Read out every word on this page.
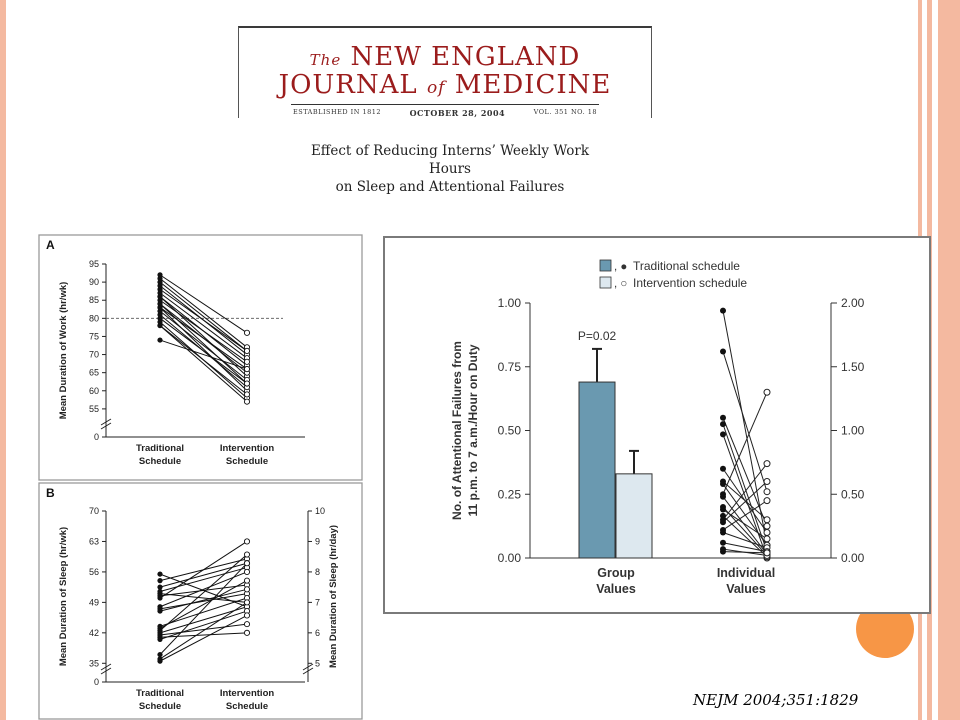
The NEW ENGLAND
JOURNAL of MEDICINE
ESTABLISHED IN 1812	OCTOBER 28, 2004	VOL. 351 NO. 18
Effect of Reducing Interns’ Weekly Work Hours
on Sleep and Attentional Failures
A
0
55
60
65
70
75
80
85
90
95
Mean Duration of Work (hr/wk)
Traditional
Schedule
Intervention
Schedule
B
0
35
42
49
56
63
70
5
6
7
8
9
10
Mean Duration of Sleep (hr/day)
Mean Duration of Sleep (hr/wk)
Traditional
Schedule
Intervention
Schedule
0.00
0.25
0.50
0.75
1.00
0.00
0.50
1.00
1.50
2.00
No. of Attentional Failures from 11 p.m. to 7 a.m./Hour on Duty
, ● Traditional schedule
, ○ Intervention schedule
P=0.02
Group
Values
Individual
Values
NEJM 2004;351:1829
